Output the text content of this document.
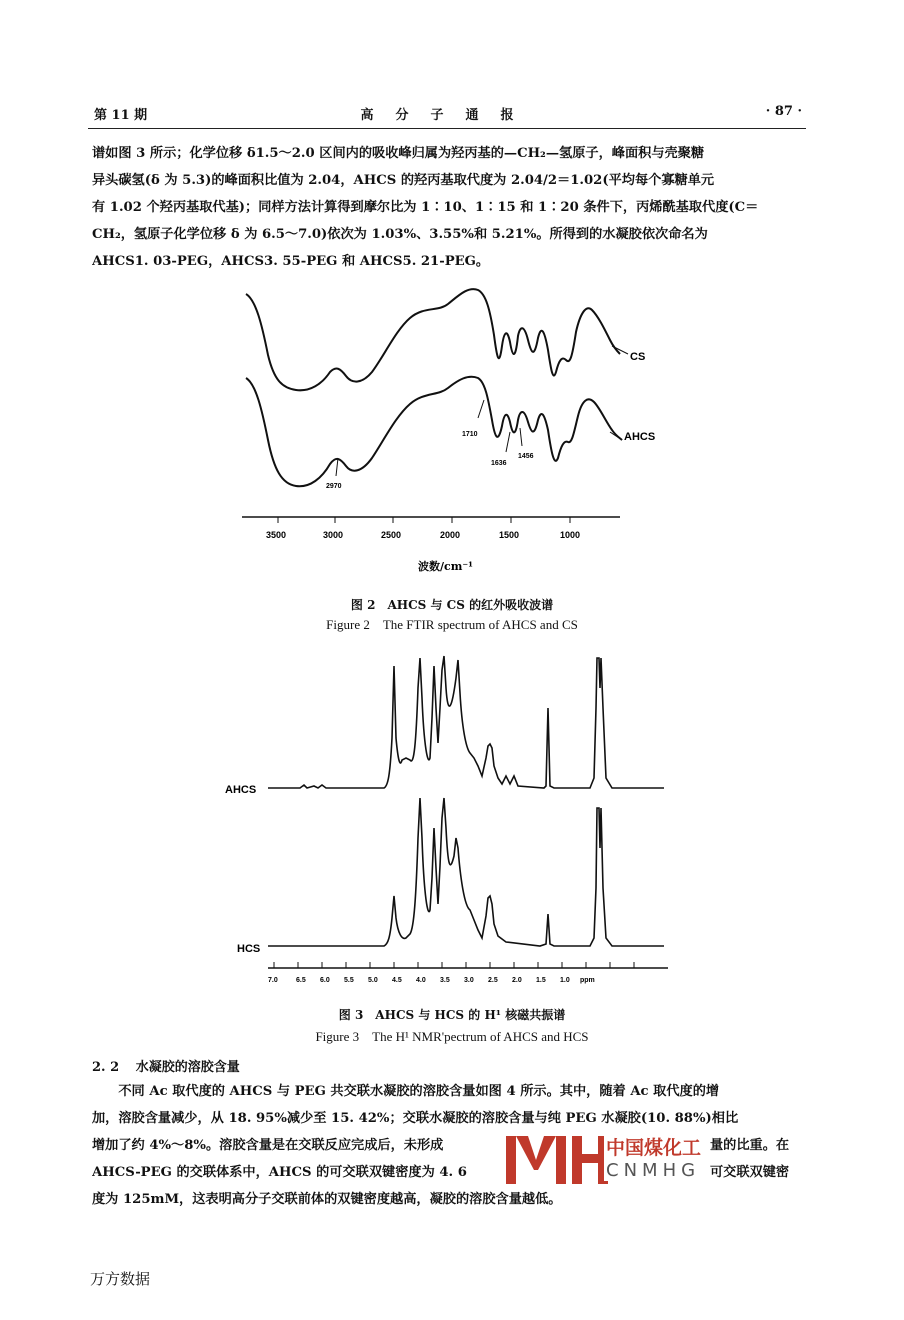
第 11 期	高分子通报	· 87 ·
谱如图 3 所示；化学位移 δ1.5～2.0 区间内的吸收峰归属为羟丙基的—CH₂—氢原子，峰面积与壳聚糖
异头碳氢(δ 为 5.3)的峰面积比值为 2.04，AHCS 的羟丙基取代度为 2.04/2＝1.02(平均每个寡糖单元
有 1.02 个羟丙基取代基)；同样方法计算得到摩尔比为 1∶10、1∶15 和 1∶20 条件下，丙烯酰基取代度(C＝
CH₂，氢原子化学位移 δ 为 6.5～7.0)依次为 1.03%、3.55%和 5.21%。所得到的水凝胶依次命名为
AHCS1. 03-PEG，AHCS3. 55-PEG 和 AHCS5. 21-PEG。
CS
AHCS
1710
1636
1456
2970
3500	3000	2500	2000	1500	1000
波数/cm⁻¹
图 2　AHCS 与 CS 的红外吸收波谱
Figure 2　The FTIR spectrum of AHCS and CS
AHCS
HCS
7.0	6.5 6.0 5.5 5.0 4.5 4.0 3.5 3.0 2.5 2.0 1.5 1.0 ppm
图 3　AHCS 与 HCS 的 H¹ 核磁共振谱
Figure 3　The H¹ NMR'pectrum of AHCS and HCS
2. 2 水凝胶的溶胶含量
　　不同 Ac 取代度的 AHCS 与 PEG 共交联水凝胶的溶胶含量如图 4 所示。其中，随着 Ac 取代度的增
加，溶胶含量减少，从 18. 95%减少至 15. 42%；交联水凝胶的溶胶含量与纯 PEG 水凝胶(10. 88%)相比
增加了约 4%～8%。溶胶含量是在交联反应完成后，未形成	量的比重。在
AHCS-PEG 的交联体系中，AHCS 的可交联双键密度为 4. 6	可交联双键密
度为 125mM，这表明高分子交联前体的双键密度越高，凝胶的溶胶含量越低。
中国煤化工
CNMHG
万方数据
